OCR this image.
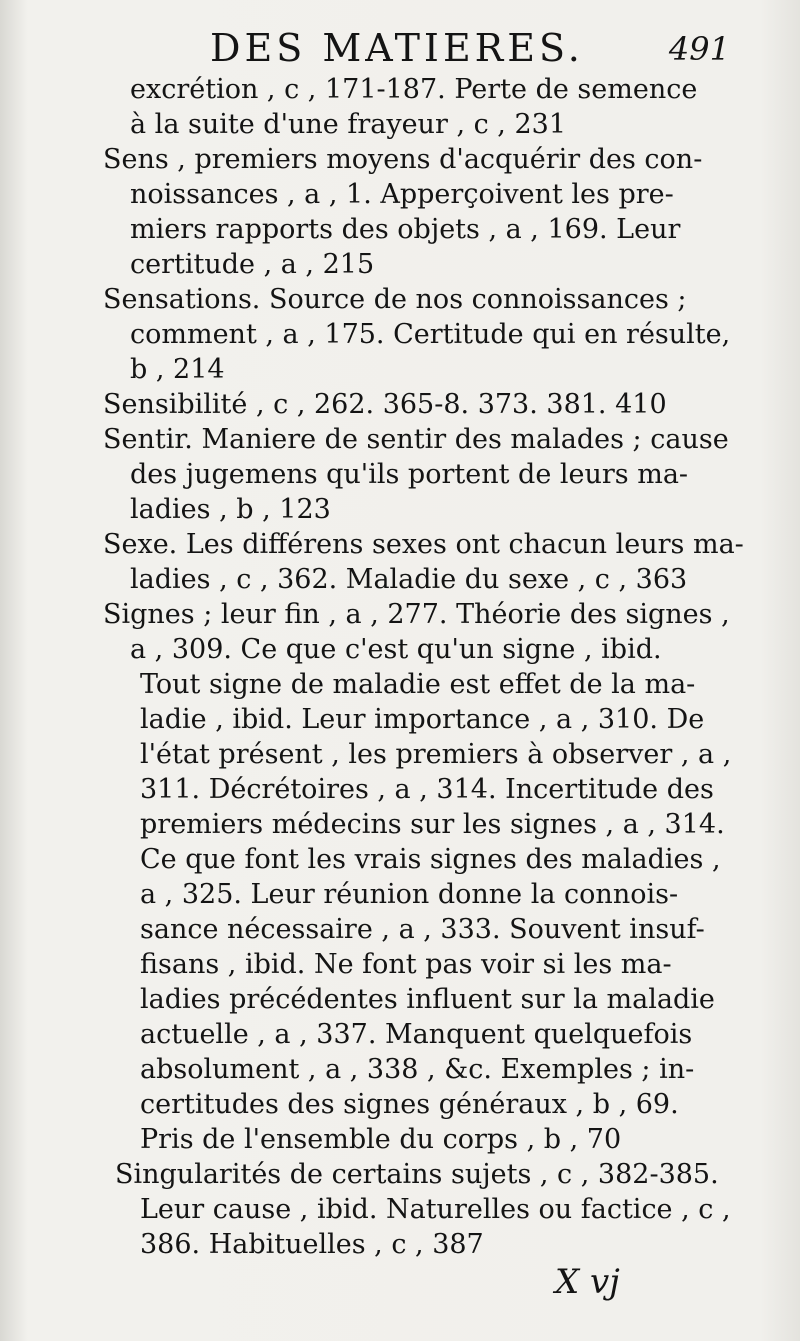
DES MATIERES.	491
excrétion , c , 171-187. Perte de semence
à la suite d'une frayeur , c , 231
Sens , premiers moyens d'acquérir des con-
noissances , a , 1. Apperçoivent les pre-
miers rapports des objets , a , 169. Leur
certitude , a , 215
Sensations. Source de nos connoissances ;
comment , a , 175. Certitude qui en résulte,
b , 214
Sensibilité , c , 262. 365-8. 373. 381. 410
Sentir. Maniere de sentir des malades ; cause
des jugemens qu'ils portent de leurs ma-
ladies , b , 123
Sexe. Les différens sexes ont chacun leurs ma-
ladies , c , 362. Maladie du sexe , c , 363
Signes ; leur fin , a , 277. Théorie des signes ,
a , 309. Ce que c'est qu'un signe , ibid.
Tout signe de maladie est effet de la ma-
ladie , ibid. Leur importance , a , 310. De
l'état présent , les premiers à observer , a ,
311. Décrétoires , a , 314. Incertitude des
premiers médecins sur les signes , a , 314.
Ce que font les vrais signes des maladies ,
a , 325. Leur réunion donne la connois-
sance nécessaire , a , 333. Souvent insuf-
fisans , ibid. Ne font pas voir si les ma-
ladies précédentes influent sur la maladie
actuelle , a , 337. Manquent quelquefois
absolument , a , 338 , &c. Exemples ; in-
certitudes des signes généraux , b , 69.
Pris de l'ensemble du corps , b , 70
Singularités de certains sujets , c , 382-385.
Leur cause , ibid. Naturelles ou factice , c ,
386. Habituelles , c , 387
X vj
